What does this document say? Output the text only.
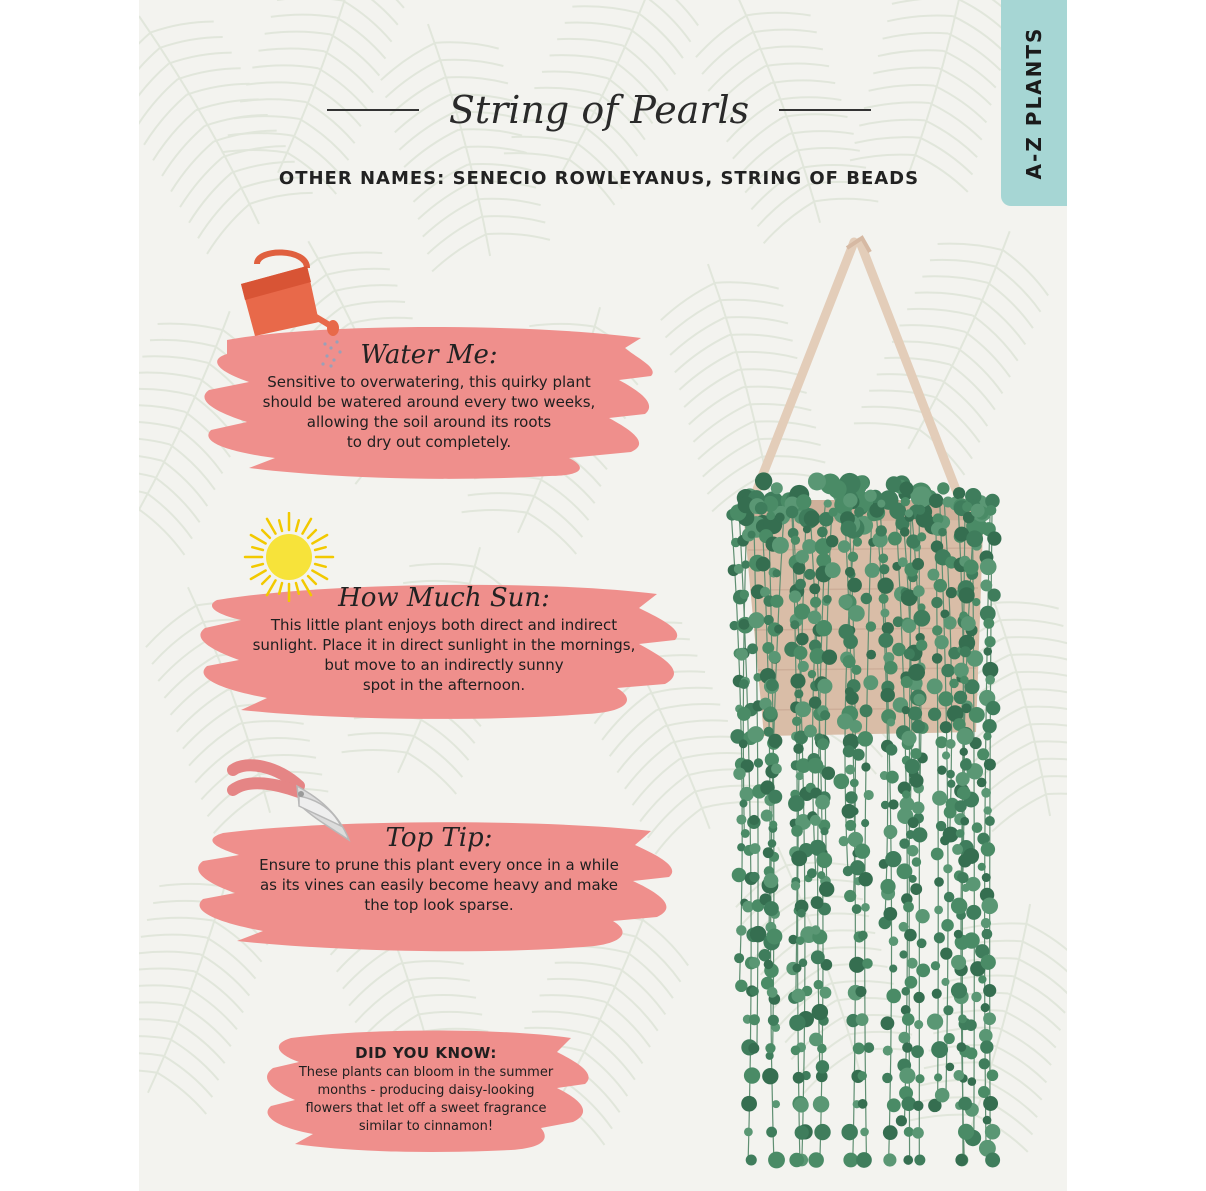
A-Z PLANTS
String of Pearls
OTHER NAMES: SENECIO ROWLEYANUS, STRING OF BEADS
Water Me:
Sensitive to overwatering, this quirky plant
should be watered around every two weeks,
allowing the soil around its roots
to dry out completely.
How Much Sun:
This little plant enjoys both direct and indirect
sunlight. Place it in direct sunlight in the mornings,
but move to an indirectly sunny
spot in the afternoon.
Top Tip:
Ensure to prune this plant every once in a while
as its vines can easily become heavy and make
the top look sparse.
DID YOU KNOW:
These plants can bloom in the summer
months - producing daisy-looking
flowers that let off a sweet fragrance
similar to cinnamon!
